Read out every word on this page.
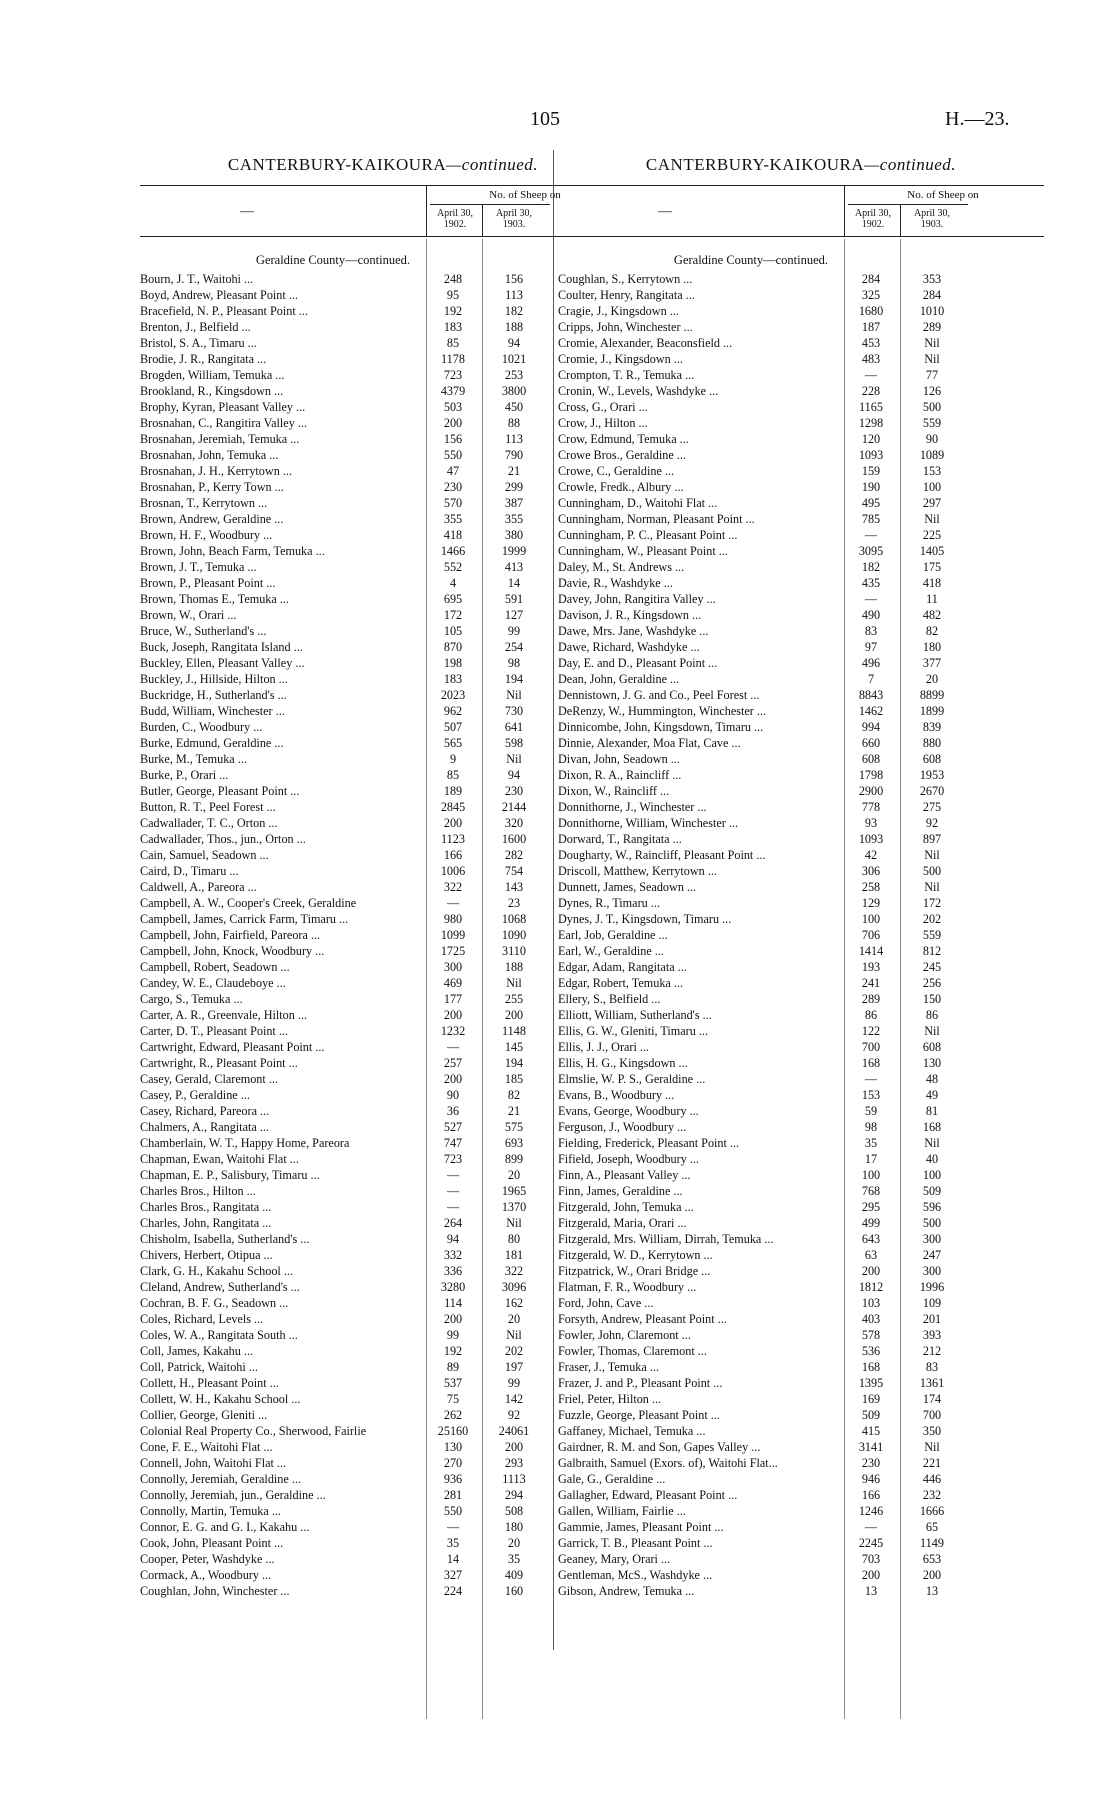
105	H.—23.
CANTERBURY-KAIKOURA—continued.
—
No. of Sheep on
April 30, 1902.
April 30, 1903.
Geraldine County—continued.
Bourn, J. T., Waitohi ...	248	156
Boyd, Andrew, Pleasant Point ...	95	113
Bracefield, N. P., Pleasant Point ...	192	182
Brenton, J., Belfield ...	183	188
Bristol, S. A., Timaru ...	85	94
Brodie, J. R., Rangitata ...	1178	1021
Brogden, William, Temuka ...	723	253
Brookland, R., Kingsdown ...	4379	3800
Brophy, Kyran, Pleasant Valley ...	503	450
Brosnahan, C., Rangitira Valley ...	200	88
Brosnahan, Jeremiah, Temuka ...	156	113
Brosnahan, John, Temuka ...	550	790
Brosnahan, J. H., Kerrytown ...	47	21
Brosnahan, P., Kerry Town ...	230	299
Brosnan, T., Kerrytown ...	570	387
Brown, Andrew, Geraldine ...	355	355
Brown, H. F., Woodbury ...	418	380
Brown, John, Beach Farm, Temuka ...	1466	1999
Brown, J. T., Temuka ...	552	413
Brown, P., Pleasant Point ...	4	14
Brown, Thomas E., Temuka ...	695	591
Brown, W., Orari ...	172	127
Bruce, W., Sutherland's ...	105	99
Buck, Joseph, Rangitata Island ...	870	254
Buckley, Ellen, Pleasant Valley ...	198	98
Buckley, J., Hillside, Hilton ...	183	194
Buckridge, H., Sutherland's ...	2023	Nil
Budd, William, Winchester ...	962	730
Burden, C., Woodbury ...	507	641
Burke, Edmund, Geraldine ...	565	598
Burke, M., Temuka ...	9	Nil
Burke, P., Orari ...	85	94
Butler, George, Pleasant Point ...	189	230
Button, R. T., Peel Forest ...	2845	2144
Cadwallader, T. C., Orton ...	200	320
Cadwallader, Thos., jun., Orton ...	1123	1600
Cain, Samuel, Seadown ...	166	282
Caird, D., Timaru ...	1006	754
Caldwell, A., Pareora ...	322	143
Campbell, A. W., Cooper's Creek, Geraldine	—	23
Campbell, James, Carrick Farm, Timaru ...	980	1068
Campbell, John, Fairfield, Pareora ...	1099	1090
Campbell, John, Knock, Woodbury ...	1725	3110
Campbell, Robert, Seadown ...	300	188
Candey, W. E., Claudeboye ...	469	Nil
Cargo, S., Temuka ...	177	255
Carter, A. R., Greenvale, Hilton ...	200	200
Carter, D. T., Pleasant Point ...	1232	1148
Cartwright, Edward, Pleasant Point ...	—	145
Cartwright, R., Pleasant Point ...	257	194
Casey, Gerald, Claremont ...	200	185
Casey, P., Geraldine ...	90	82
Casey, Richard, Pareora ...	36	21
Chalmers, A., Rangitata ...	527	575
Chamberlain, W. T., Happy Home, Pareora	747	693
Chapman, Ewan, Waitohi Flat ...	723	899
Chapman, E. P., Salisbury, Timaru ...	—	20
Charles Bros., Hilton ...	—	1965
Charles Bros., Rangitata ...	—	1370
Charles, John, Rangitata ...	264	Nil
Chisholm, Isabella, Sutherland's ...	94	80
Chivers, Herbert, Otipua ...	332	181
Clark, G. H., Kakahu School ...	336	322
Cleland, Andrew, Sutherland's ...	3280	3096
Cochran, B. F. G., Seadown ...	114	162
Coles, Richard, Levels ...	200	20
Coles, W. A., Rangitata South ...	99	Nil
Coll, James, Kakahu ...	192	202
Coll, Patrick, Waitohi ...	89	197
Collett, H., Pleasant Point ...	537	99
Collett, W. H., Kakahu School ...	75	142
Collier, George, Gleniti ...	262	92
Colonial Real Property Co., Sherwood, Fairlie	25160	24061
Cone, F. E., Waitohi Flat ...	130	200
Connell, John, Waitohi Flat ...	270	293
Connolly, Jeremiah, Geraldine ...	936	1113
Connolly, Jeremiah, jun., Geraldine ...	281	294
Connolly, Martin, Temuka ...	550	508
Connor, E. G. and G. I., Kakahu ...	—	180
Cook, John, Pleasant Point ...	35	20
Cooper, Peter, Washdyke ...	14	35
Cormack, A., Woodbury ...	327	409
Coughlan, John, Winchester ...	224	160
CANTERBURY-KAIKOURA—continued.
—
No. of Sheep on
April 30, 1902.
April 30, 1903.
Geraldine County—continued.
Coughlan, S., Kerrytown ...	284	353
Coulter, Henry, Rangitata ...	325	284
Cragie, J., Kingsdown ...	1680	1010
Cripps, John, Winchester ...	187	289
Cromie, Alexander, Beaconsfield ...	453	Nil
Cromie, J., Kingsdown ...	483	Nil
Crompton, T. R., Temuka ...	—	77
Cronin, W., Levels, Washdyke ...	228	126
Cross, G., Orari ...	1165	500
Crow, J., Hilton ...	1298	559
Crow, Edmund, Temuka ...	120	90
Crowe Bros., Geraldine ...	1093	1089
Crowe, C., Geraldine ...	159	153
Crowle, Fredk., Albury ...	190	100
Cunningham, D., Waitohi Flat ...	495	297
Cunningham, Norman, Pleasant Point ...	785	Nil
Cunningham, P. C., Pleasant Point ...	—	225
Cunningham, W., Pleasant Point ...	3095	1405
Daley, M., St. Andrews ...	182	175
Davie, R., Washdyke ...	435	418
Davey, John, Rangitira Valley ...	—	11
Davison, J. R., Kingsdown ...	490	482
Dawe, Mrs. Jane, Washdyke ...	83	82
Dawe, Richard, Washdyke ...	97	180
Day, E. and D., Pleasant Point ...	496	377
Dean, John, Geraldine ...	7	20
Dennistown, J. G. and Co., Peel Forest ...	8843	8899
DeRenzy, W., Hummington, Winchester ...	1462	1899
Dinnicombe, John, Kingsdown, Timaru ...	994	839
Dinnie, Alexander, Moa Flat, Cave ...	660	880
Divan, John, Seadown ...	608	608
Dixon, R. A., Raincliff ...	1798	1953
Dixon, W., Raincliff ...	2900	2670
Donnithorne, J., Winchester ...	778	275
Donnithorne, William, Winchester ...	93	92
Dorward, T., Rangitata ...	1093	897
Dougharty, W., Raincliff, Pleasant Point ...	42	Nil
Driscoll, Matthew, Kerrytown ...	306	500
Dunnett, James, Seadown ...	258	Nil
Dynes, R., Timaru ...	129	172
Dynes, J. T., Kingsdown, Timaru ...	100	202
Earl, Job, Geraldine ...	706	559
Earl, W., Geraldine ...	1414	812
Edgar, Adam, Rangitata ...	193	245
Edgar, Robert, Temuka ...	241	256
Ellery, S., Belfield ...	289	150
Elliott, William, Sutherland's ...	86	86
Ellis, G. W., Gleniti, Timaru ...	122	Nil
Ellis, J. J., Orari ...	700	608
Ellis, H. G., Kingsdown ...	168	130
Elmslie, W. P. S., Geraldine ...	—	48
Evans, B., Woodbury ...	153	49
Evans, George, Woodbury ...	59	81
Ferguson, J., Woodbury ...	98	168
Fielding, Frederick, Pleasant Point ...	35	Nil
Fifield, Joseph, Woodbury ...	17	40
Finn, A., Pleasant Valley ...	100	100
Finn, James, Geraldine ...	768	509
Fitzgerald, John, Temuka ...	295	596
Fitzgerald, Maria, Orari ...	499	500
Fitzgerald, Mrs. William, Dirrah, Temuka ...	643	300
Fitzgerald, W. D., Kerrytown ...	63	247
Fitzpatrick, W., Orari Bridge ...	200	300
Flatman, F. R., Woodbury ...	1812	1996
Ford, John, Cave ...	103	109
Forsyth, Andrew, Pleasant Point ...	403	201
Fowler, John, Claremont ...	578	393
Fowler, Thomas, Claremont ...	536	212
Fraser, J., Temuka ...	168	83
Frazer, J. and P., Pleasant Point ...	1395	1361
Friel, Peter, Hilton ...	169	174
Fuzzle, George, Pleasant Point ...	509	700
Gaffaney, Michael, Temuka ...	415	350
Gairdner, R. M. and Son, Gapes Valley ...	3141	Nil
Galbraith, Samuel (Exors. of), Waitohi Flat...	230	221
Gale, G., Geraldine ...	946	446
Gallagher, Edward, Pleasant Point ...	166	232
Gallen, William, Fairlie ...	1246	1666
Gammie, James, Pleasant Point ...	—	65
Garrick, T. B., Pleasant Point ...	2245	1149
Geaney, Mary, Orari ...	703	653
Gentleman, McS., Washdyke ...	200	200
Gibson, Andrew, Temuka ...	13	13
